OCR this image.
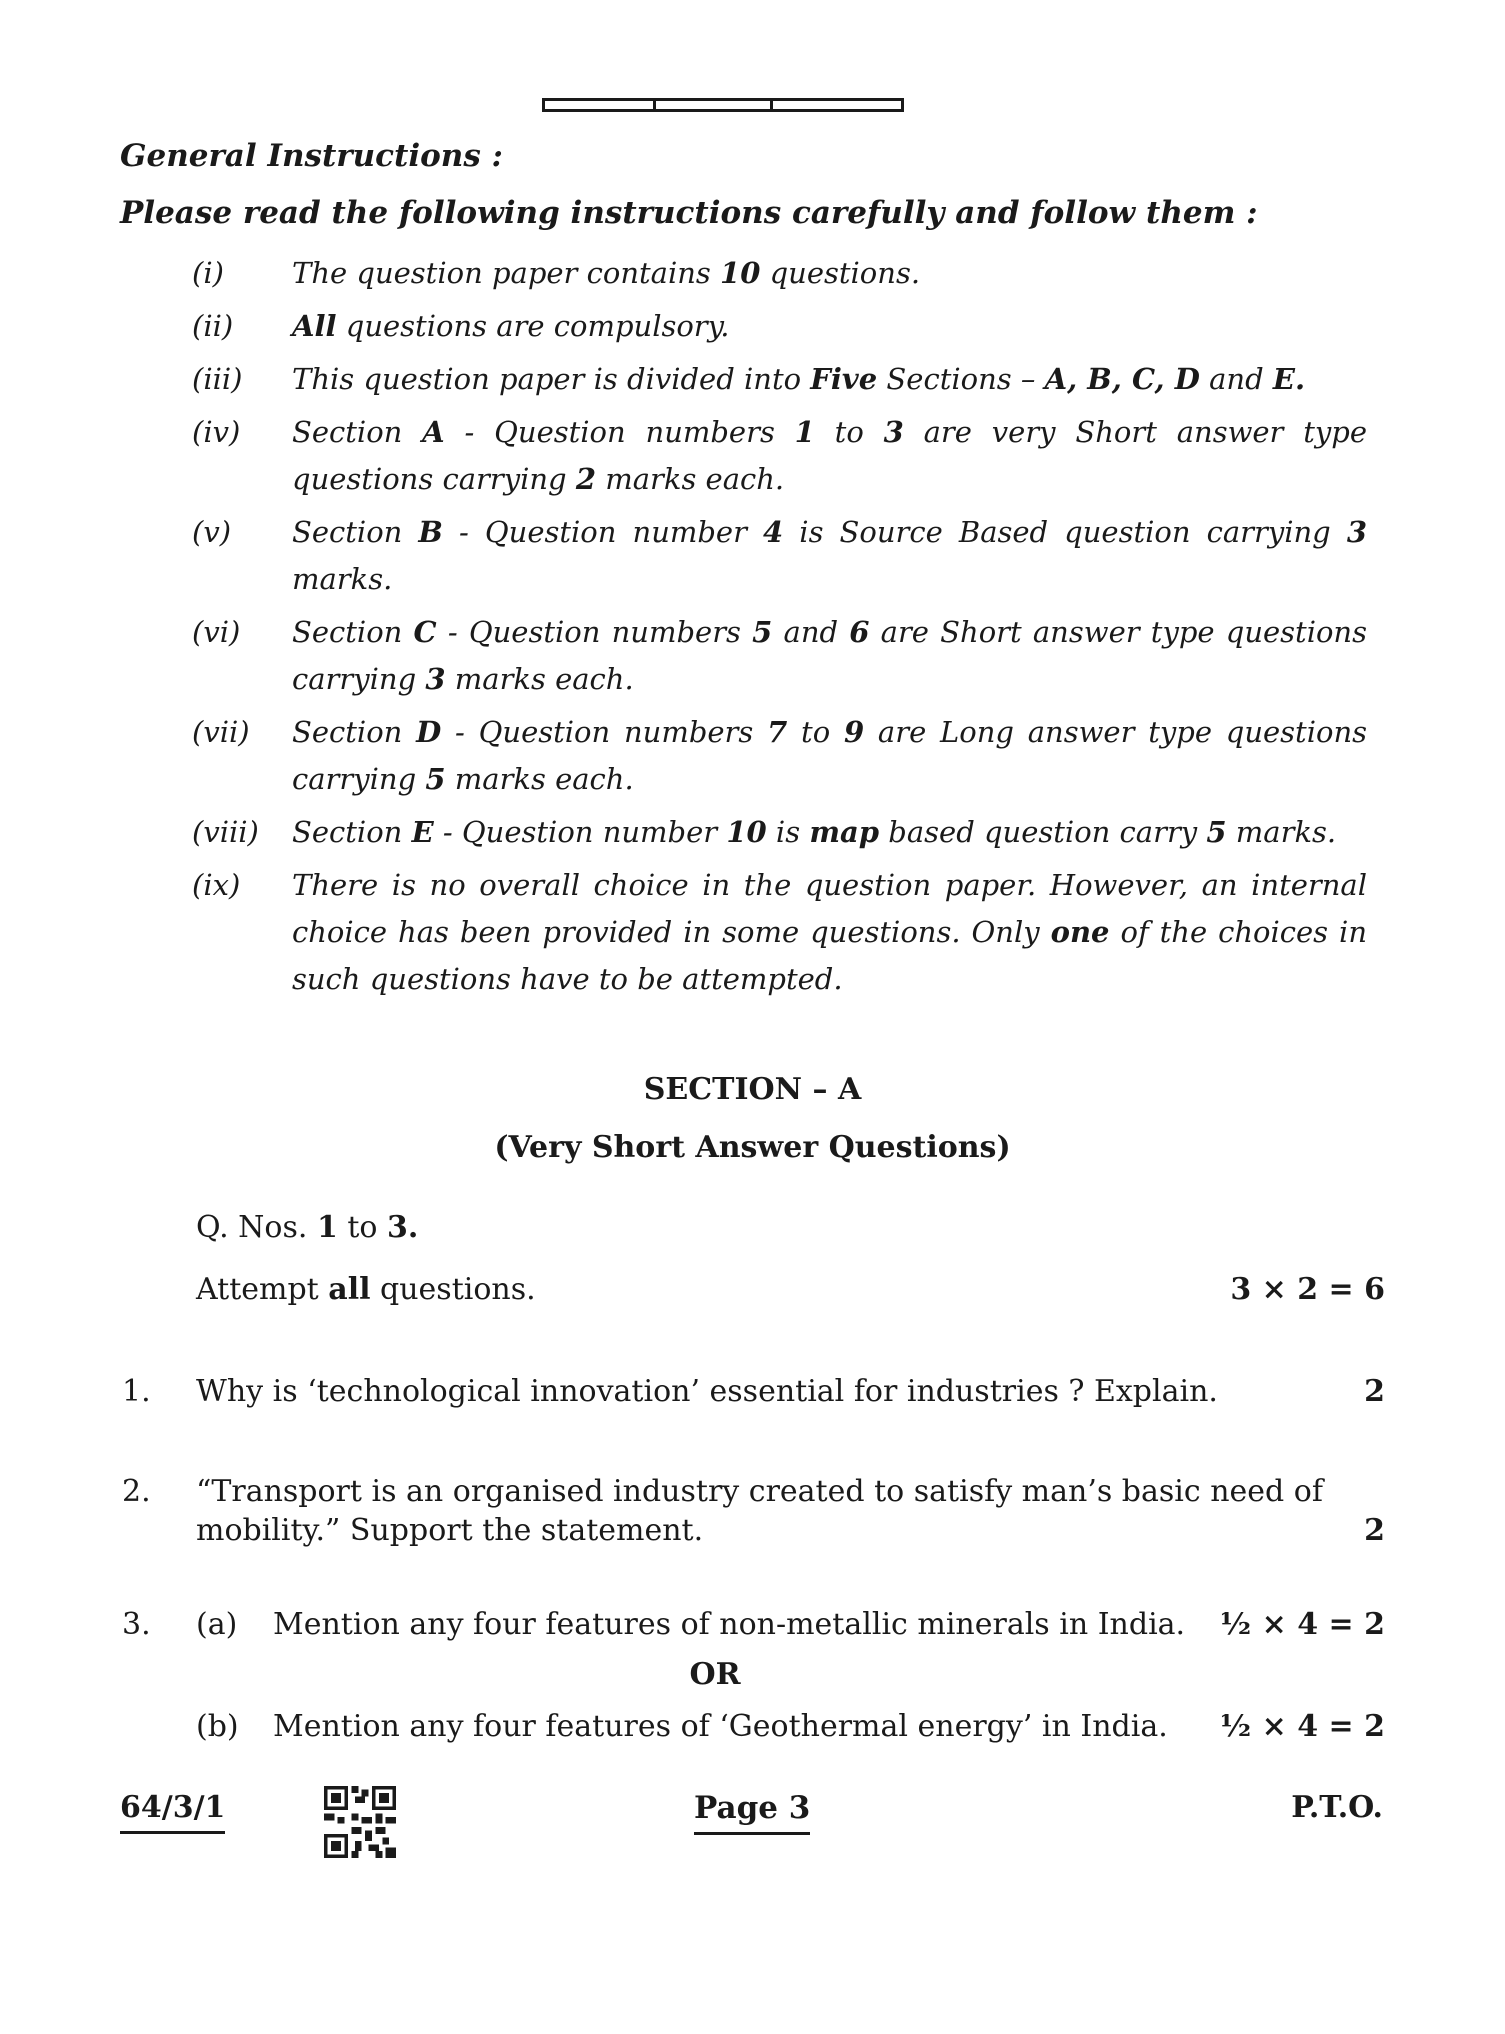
General Instructions :
Please read the following instructions carefully and follow them :
(i)	The question paper contains 10 questions.
(ii)	All questions are compulsory.
(iii)	This question paper is divided into Five Sections – A, B, C, D and E.
(iv)	Section A - Question numbers 1 to 3 are very Short answer type questions carrying 2 marks each.
(v)	Section B - Question number 4 is Source Based question carrying 3 marks.
(vi)	Section C - Question numbers 5 and 6 are Short answer type questions carrying 3 marks each.
(vii)	Section D - Question numbers 7 to 9 are Long answer type questions carrying 5 marks each.
(viii)	Section E - Question number 10 is map based question carry 5 marks.
(ix)	There is no overall choice in the question paper. However, an internal choice has been provided in some questions. Only one of the choices in such questions have to be attempted.
SECTION – A
(Very Short Answer Questions)
Q. Nos. 1 to 3.
Attempt all questions.	3 × 2 = 6
1. Why is ‘technological innovation’ essential for industries ? Explain.	2
2. “Transport is an organised industry created to satisfy man’s basic need of
mobility.” Support the statement.	2
3. (a) Mention any four features of non-metallic minerals in India. ½ × 4 = 2
OR
(b) Mention any four features of ‘Geothermal energy’ in India. ½ × 4 = 2
64/3/1	Page 3	P.T.O.
